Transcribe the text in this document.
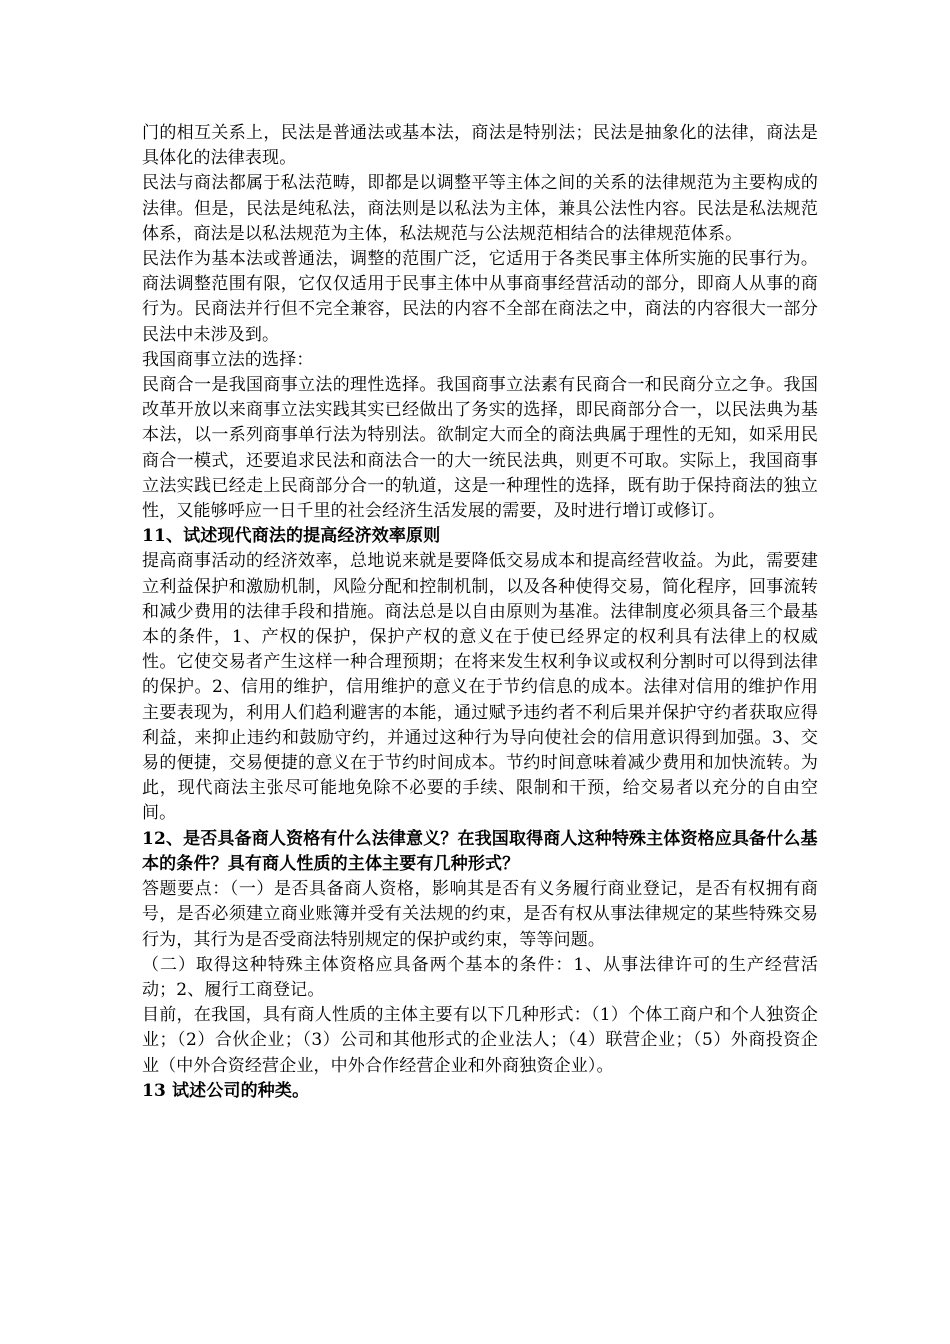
门的相互关系上，民法是普通法或基本法，商法是特别法；民法是抽象化的法律，商法是具体化的法律表现。

民法与商法都属于私法范畴，即都是以调整平等主体之间的关系的法律规范为主要构成的法律。但是，民法是纯私法，商法则是以私法为主体，兼具公法性内容。民法是私法规范体系，商法是以私法规范为主体，私法规范与公法规范相结合的法律规范体系。

民法作为基本法或普通法，调整的范围广泛，它适用于各类民事主体所实施的民事行为。商法调整范围有限，它仅仅适用于民事主体中从事商事经营活动的部分，即商人从事的商行为。民商法并行但不完全兼容，民法的内容不全部在商法之中，商法的内容很大一部分民法中未涉及到。

我国商事立法的选择：

民商合一是我国商事立法的理性选择。我国商事立法素有民商合一和民商分立之争。我国改革开放以来商事立法实践其实已经做出了务实的选择，即民商部分合一，以民法典为基本法，以一系列商事单行法为特别法。欲制定大而全的商法典属于理性的无知，如采用民商合一模式，还要追求民法和商法合一的大一统民法典，则更不可取。实际上，我国商事立法实践已经走上民商部分合一的轨道，这是一种理性的选择，既有助于保持商法的独立性，又能够呼应一日千里的社会经济生活发展的需要，及时进行增订或修订。

11、试述现代商法的提高经济效率原则

提高商事活动的经济效率，总地说来就是要降低交易成本和提高经营收益。为此，需要建立利益保护和激励机制，风险分配和控制机制，以及各种使得交易，简化程序，回事流转和减少费用的法律手段和措施。商法总是以自由原则为基准。法律制度必须具备三个最基本的条件，1、产权的保护，保护产权的意义在于使已经界定的权利具有法律上的权威性。它使交易者产生这样一种合理预期；在将来发生权利争议或权利分割时可以得到法律的保护。2、信用的维护，信用维护的意义在于节约信息的成本。法律对信用的维护作用主要表现为，利用人们趋利避害的本能，通过赋予违约者不利后果并保护守约者获取应得利益，来抑止违约和鼓励守约，并通过这种行为导向使社会的信用意识得到加强。3、交易的便捷，交易便捷的意义在于节约时间成本。节约时间意味着减少费用和加快流转。为此，现代商法主张尽可能地免除不必要的手续、限制和干预，给交易者以充分的自由空间。

12、是否具备商人资格有什么法律意义？在我国取得商人这种特殊主体资格应具备什么基本的条件？具有商人性质的主体主要有几种形式？

答题要点：（一）是否具备商人资格，影响其是否有义务履行商业登记，是否有权拥有商号，是否必须建立商业账簿并受有关法规的约束，是否有权从事法律规定的某些特殊交易行为，其行为是否受商法特别规定的保护或约束，等等问题。

（二）取得这种特殊主体资格应具备两个基本的条件：1、从事法律许可的生产经营活动；2、履行工商登记。

目前，在我国，具有商人性质的主体主要有以下几种形式：（1）个体工商户和个人独资企业；（2）合伙企业；（3）公司和其他形式的企业法人；（4）联营企业；（5）外商投资企业（中外合资经营企业，中外合作经营企业和外商独资企业）。

13 试述公司的种类。
